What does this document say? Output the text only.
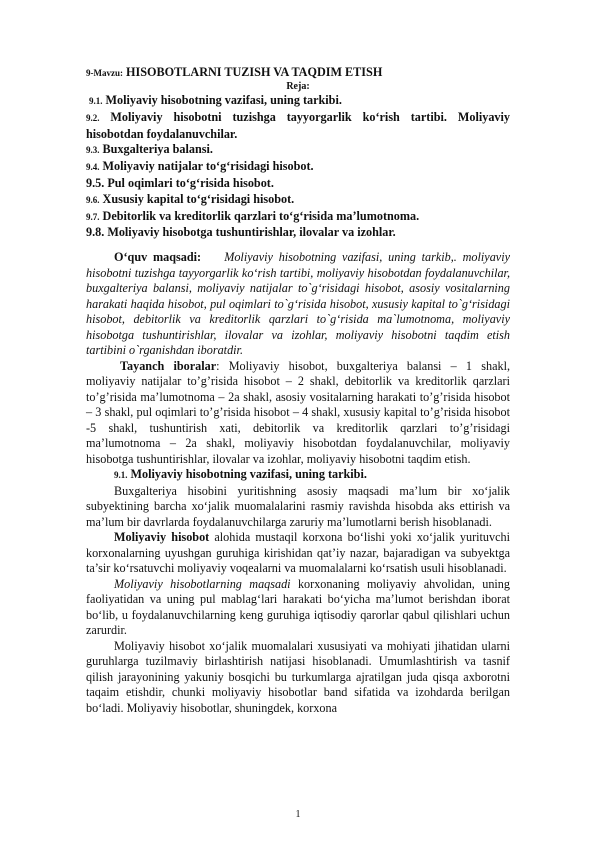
9-Mavzu: HISOBOTLARNI TUZISH VA TAQDIM ETISH
Reja:
9.1. Moliyaviy hisobotning vazifasi, uning tarkibi.
9.2. Moliyaviy hisobotni tuzishga tayyorgarlik ko‘rish tartibi. Moliyaviy hisobotdan foydalanuvchilar.
9.3. Buxgalteriya balansi.
9.4. Moliyaviy natijalar to‘g‘risidagi hisobot.
9.5. Pul oqimlari to‘g‘risida hisobot.
9.6. Xususiy kapital to‘g‘risidagi hisobot.
9.7. Debitorlik va kreditorlik qarzlari to‘g‘risida ma’lumotnoma.
9.8. Moliyaviy hisobotga tushuntirishlar, ilovalar va izohlar.

O‘quv maqsadi: Moliyaviy hisobotning vazifasi, uning tarkib,. moliyaviy hisobotni tuzishga tayyorgarlik ko‘rish tartibi, moliyaviy hisobotdan foydalanuvchilar, buxgalteriya balansi, moliyaviy natijalar to`g‘risidagi hisobot, asosiy vositalarning harakati haqida hisobot, pul oqimlari to`g‘risida hisobot, xususiy kapital to`g‘risidagi hisobot, debitorlik va kreditorlik qarzlari to`g‘risida ma`lumotnoma, moliyaviy hisobotga tushuntirishlar, ilovalar va izohlar, moliyaviy hisobotni taqdim etish tartibini o`rganishdan iboratdir.

Tayanch iboralar: Moliyaviy hisobot, buxgalteriya balansi – 1 shakl, moliyaviy natijalar to’g’risida hisobot – 2 shakl, debitorlik va kreditorlik qarzlari to’g’risida ma’lumotnoma – 2a shakl, asosiy vositalarning harakati to’g’risida hisobot – 3 shakl, pul oqimlari to’g’risida hisobot – 4 shakl, xususiy kapital to’g’risida hisobot -5 shakl, tushuntirish xati, debitorlik va kreditorlik qarzlari to’g’risidagi ma’lumotnoma – 2a shakl, moliyaviy hisobotdan foydalanuvchilar, moliyaviy hisobotga tushuntirishlar, ilovalar va izohlar, moliyaviy hisobotni taqdim etish.

9.1. Moliyaviy hisobotning vazifasi, uning tarkibi.

Buxgalteriya hisobini yuritishning asosiy maqsadi ma’lum bir xo‘jalik subyektining barcha xo‘jalik muomalalarini rasmiy ravishda hisobda aks ettirish va ma’lum bir davrlarda foydalanuvchilarga zaruriy ma’lumotlarni berish hisoblanadi.

Moliyaviy hisobot alohida mustaqil korxona bo‘lishi yoki xo‘jalik yurituvchi korxonalarning uyushgan guruhiga kirishidan qat’iy nazar, bajaradigan va subyektga ta’sir ko‘rsatuvchi moliyaviy voqealarni va muomalalarni ko‘rsatish usuli hisoblanadi.

Moliyaviy hisobotlarning maqsadi korxonaning moliyaviy ahvolidan, uning faoliyatidan va uning pul mablag‘lari harakati bo‘yicha ma’lumot berishdan iborat bo‘lib, u foydalanuvchilarning keng guruhiga iqtisodiy qarorlar qabul qilishlari uchun zarurdir.

Moliyaviy hisobot xo‘jalik muomalalari xususiyati va mohiyati jihatidan ularni guruhlarga tuzilmaviy birlashtirish natijasi hisoblanadi. Umumlashtirish va tasnif qilish jarayonining yakuniy bosqichi bu turkumlarga ajratilgan juda qisqa axborotni taqaim etishdir, chunki moliyaviy hisobotlar band sifatida va izohdarda berilgan bo‘ladi. Moliyaviy hisobotlar, shuningdek, korxona

1
